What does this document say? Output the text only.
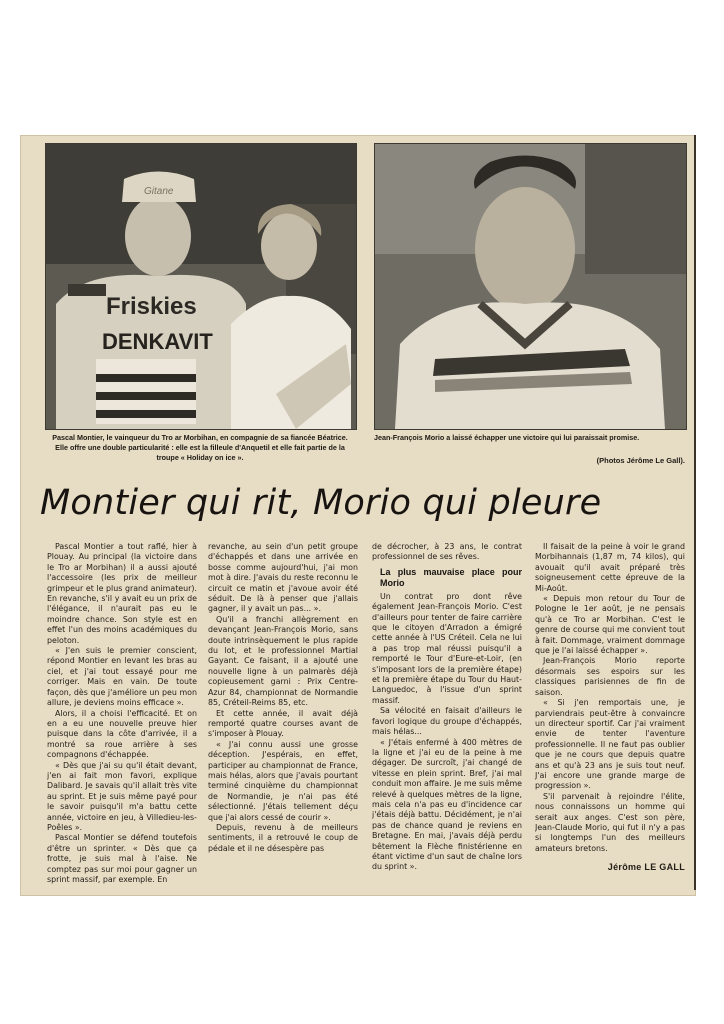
Gitane
Friskies
DENKAVIT
Pascal Montier, le vainqueur du Tro ar Morbihan, en compagnie de sa fiancée Béatrice. Elle offre une double particularité : elle est la filleule d'Anquetil et elle fait partie de la troupe « Holiday on ice ».
Jean-François Morio a laissé échapper une victoire qui lui paraissait promise.
(Photos Jérôme Le Gall).
Montier qui rit, Morio qui pleure

Pascal Montier a tout raflé, hier à Plouay. Au principal (la victoire dans le Tro ar Morbihan) il a aussi ajouté l'accessoire (les prix de meilleur grimpeur et le plus grand animateur). En revanche, s'il y avait eu un prix de l'élégance, il n'aurait pas eu le moindre chance. Son style est en effet l'un des moins académiques du peloton.

« J'en suis le premier conscient, répond Montier en levant les bras au ciel, et j'ai tout essayé pour me corriger. Mais en vain. De toute façon, dès que j'améliore un peu mon allure, je deviens moins efficace ».

Alors, il a choisi l'efficacité. Et on en a eu une nouvelle preuve hier puisque dans la côte d'arrivée, il a montré sa roue arrière à ses compagnons d'échappée.

« Dès que j'ai su qu'il était devant, j'en ai fait mon favori, explique Dalibard. Je savais qu'il allait très vite au sprint. Et je suis même payé pour le savoir puisqu'il m'a battu cette année, victoire en jeu, à Villedieu-les-Poêles ».

Pascal Montier se défend toutefois d'être un sprinter. « Dès que ça frotte, je suis mal à l'aise. Ne comptez pas sur moi pour gagner un sprint massif, par exemple. En

revanche, au sein d'un petit groupe d'échappés et dans une arrivée en bosse comme aujourd'hui, j'ai mon mot à dire. J'avais du reste reconnu le circuit ce matin et j'avoue avoir été séduit. De là à penser que j'allais gagner, il y avait un pas... ».

Qu'il a franchi allègrement en devançant Jean-François Morio, sans doute intrinsèquement le plus rapide du lot, et le professionnel Martial Gayant. Ce faisant, il a ajouté une nouvelle ligne à un palmarès déjà copieusement garni : Prix Centre-Azur 84, championnat de Normandie 85, Créteil-Reims 85, etc.

Et cette année, il avait déjà remporté quatre courses avant de s'imposer à Plouay.

« J'ai connu aussi une grosse déception. J'espérais, en effet, participer au championnat de France, mais hélas, alors que j'avais pourtant terminé cinquième du championnat de Normandie, je n'ai pas été sélectionné. J'étais tellement déçu que j'ai alors cessé de courir ».

Depuis, revenu à de meilleurs sentiments, il a retrouvé le coup de pédale et il ne désespère pas

de décrocher, à 23 ans, le contrat professionnel de ses rêves.

La plus mauvaise place pour Morio

Un contrat pro dont rêve également Jean-François Morio. C'est d'ailleurs pour tenter de faire carrière que le citoyen d'Arradon a émigré cette année à l'US Créteil. Cela ne lui a pas trop mal réussi puisqu'il a remporté le Tour d'Eure-et-Loir, (en s'imposant lors de la première étape) et la première étape du Tour du Haut-Languedoc, à l'issue d'un sprint massif.

Sa vélocité en faisait d'ailleurs le favori logique du groupe d'échappés, mais hélas...

« J'étais enfermé à 400 mètres de la ligne et j'ai eu de la peine à me dégager. De surcroît, j'ai changé de vitesse en plein sprint. Bref, j'ai mal conduit mon affaire. Je me suis même relevé à quelques mètres de la ligne, mais cela n'a pas eu d'incidence car j'étais déjà battu. Décidément, je n'ai pas de chance quand je reviens en Bretagne. En mai, j'avais déjà perdu bêtement la Flèche finistérienne en étant victime d'un saut de chaîne lors du sprint ».

Il faisait de la peine à voir le grand Morbihannais (1,87 m, 74 kilos), qui avouait qu'il avait préparé très soigneusement cette épreuve de la Mi-Août.

« Depuis mon retour du Tour de Pologne le 1er août, je ne pensais qu'à ce Tro ar Morbihan. C'est le genre de course qui me convient tout à fait. Dommage, vraiment dommage que je l'ai laissé échapper ».

Jean-François Morio reporte désormais ses espoirs sur les classiques parisiennes de fin de saison.

« Si j'en remportais une, je parviendrais peut-être à convaincre un directeur sportif. Car j'ai vraiment envie de tenter l'aventure professionnelle. Il ne faut pas oublier que je ne cours que depuis quatre ans et qu'à 23 ans je suis tout neuf. J'ai encore une grande marge de progression ».

S'il parvenait à rejoindre l'élite, nous connaissons un homme qui serait aux anges. C'est son père, Jean-Claude Morio, qui fut il n'y a pas si longtemps l'un des meilleurs amateurs bretons.

Jérôme LE GALL
